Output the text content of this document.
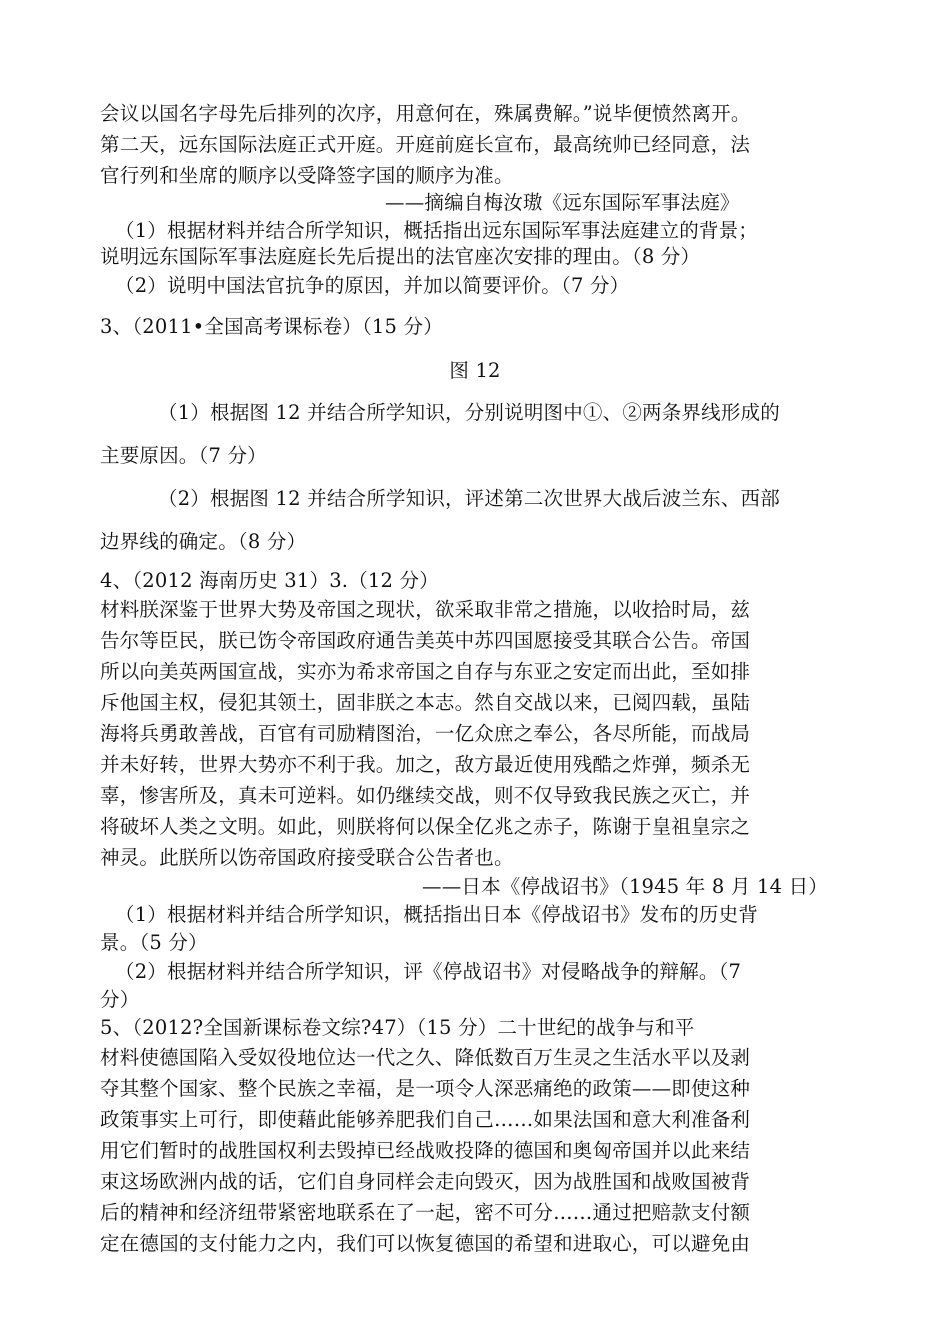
会议以国名字母先后排列的次序，用意何在，殊属费解。”说毕便愤然离开。
第二天，远东国际法庭正式开庭。开庭前庭长宣布，最高统帅已经同意，法
官行列和坐席的顺序以受降签字国的顺序为准。
——摘编自梅汝璈《远东国际军事法庭》
（1）根据材料并结合所学知识，概括指出远东国际军事法庭建立的背景；
说明远东国际军事法庭庭长先后提出的法官座次安排的理由。（8 分）
（2）说明中国法官抗争的原因，并加以简要评价。（7 分）
3、（2011•全国高考课标卷）（15 分）
图 12
（1）根据图 12 并结合所学知识，分别说明图中①、②两条界线形成的
主要原因。（7 分）
（2）根据图 12 并结合所学知识，评述第二次世界大战后波兰东、西部
边界线的确定。（8 分）
4、（2012 海南历史 31）3.（12 分）
材料朕深鉴于世界大势及帝国之现状，欲采取非常之措施，以收拾时局，兹
告尔等臣民，朕已饬令帝国政府通告美英中苏四国愿接受其联合公告。帝国
所以向美英两国宣战，实亦为希求帝国之自存与东亚之安定而出此，至如排
斥他国主权，侵犯其领土，固非朕之本志。然自交战以来，已阅四载，虽陆
海将兵勇敢善战，百官有司励精图治，一亿众庶之奉公，各尽所能，而战局
并未好转，世界大势亦不利于我。加之，敌方最近使用残酷之炸弹，频杀无
辜，惨害所及，真未可逆料。如仍继续交战，则不仅导致我民族之灭亡，并
将破坏人类之文明。如此，则朕将何以保全亿兆之赤子，陈谢于皇祖皇宗之
神灵。此朕所以饬帝国政府接受联合公告者也。
——日本《停战诏书》（1945 年 8 月 14 日）
（1）根据材料并结合所学知识，概括指出日本《停战诏书》发布的历史背
景。（5 分）
（2）根据材料并结合所学知识，评《停战诏书》对侵略战争的辩解。（7
分）
5、（2012?全国新课标卷文综?47）（15 分）二十世纪的战争与和平
材料使德国陷入受奴役地位达一代之久、降低数百万生灵之生活水平以及剥
夺其整个国家、整个民族之幸福，是一项令人深恶痛绝的政策——即使这种
政策事实上可行，即使藉此能够养肥我们自己……如果法国和意大利准备利
用它们暂时的战胜国权利去毁掉已经战败投降的德国和奥匈帝国并以此来结
束这场欧洲内战的话，它们自身同样会走向毁灭，因为战胜国和战败国被背
后的精神和经济纽带紧密地联系在了一起，密不可分……通过把赔款支付额
定在德国的支付能力之内，我们可以恢复德国的希望和进取心，可以避免由
